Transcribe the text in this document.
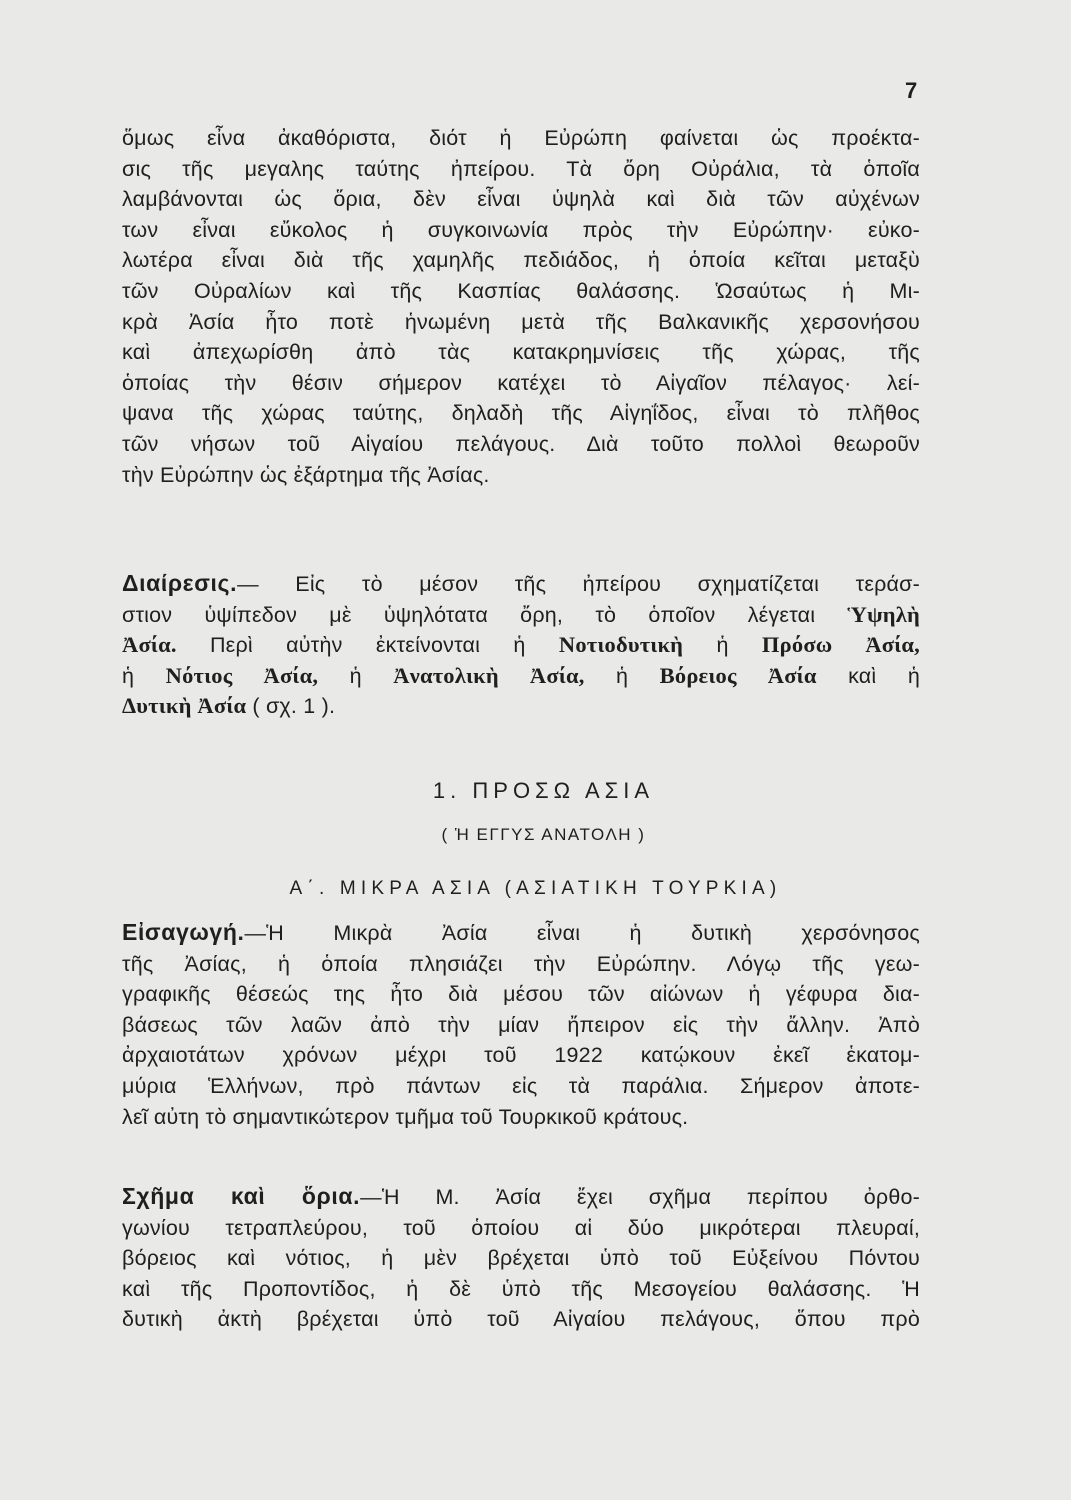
7
ὅμως εἶνα ἀκαθόριστα, διότ ἡ Εὐρώπη φαίνεται ὡς προέκτα-
σις τῆς μεγαλης ταύτης ἠπείρου. Τὰ ὄρη Οὐράλια, τὰ ὁποῖα
λαμβάνονται ὡς ὅρια, δὲν εἶναι ὑψηλὰ καὶ διὰ τῶν αὐχένων
των εἶναι εὔκολος ἡ συγκοινωνία πρὸς τὴν Εὐρώπην· εὐκο-
λωτέρα εἶναι διὰ τῆς χαμηλῆς πεδιάδος, ἡ ὁποία κεῖται μεταξὺ
τῶν Οὐραλίων καὶ τῆς Κασπίας θαλάσσης. Ὡσαύτως ἡ Μι-
κρὰ Ἀσία ἦτο ποτὲ ἡνωμένη μετὰ τῆς Βαλκανικῆς χερσονήσου
καὶ ἀπεχωρίσθη ἀπὸ τὰς κατακρημνίσεις τῆς χώρας, τῆς
ὁποίας τὴν θέσιν σήμερον κατέχει τὸ Αἰγαῖον πέλαγος· λεί-
ψανα τῆς χώρας ταύτης, δηλαδὴ τῆς Αἰγηΐδος, εἶναι τὸ πλῆθος
τῶν νήσων τοῦ Αἰγαίου πελάγους. Διὰ τοῦτο πολλοὶ θεωροῦν
τὴν Εὐρώπην ὡς ἐξάρτημα τῆς Ἀσίας.
Διαίρεσις.— Εἰς τὸ μέσον τῆς ἠπείρου σχηματίζεται τεράσ-
στιον ὑψίπεδον μὲ ὑψηλότατα ὄρη, τὸ ὁποῖον λέγεται Ὑψηλὴ
Ἀσία. Περὶ αὐτὴν ἐκτείνονται ἡ Νοτιοδυτικὴ ἡ Πρόσω Ἀσία,
ἡ Νότιος Ἀσία, ἡ Ἀνατολικὴ Ἀσία, ἡ Βόρειος Ἀσία καὶ ἡ
Δυτικὴ Ἀσία ( σχ. 1 ).
1. ΠΡΟΣΩ ΑΣΙΑ
( Ἡ ΕΓΓΥΣ ΑΝΑΤΟΛΗ )
Α΄. ΜΙΚΡΑ ΑΣΙΑ (ΑΣΙΑΤΙΚΗ ΤΟΥΡΚΙΑ)
Εἰσαγωγή.—Ἡ Μικρὰ Ἀσία εἶναι ἡ δυτικὴ χερσόνησος
τῆς Ἀσίας, ἡ ὁποία πλησιάζει τὴν Εὐρώπην. Λόγῳ τῆς γεω-
γραφικῆς θέσεώς της ἦτο διὰ μέσου τῶν αἰώνων ἡ γέφυρα δια-
βάσεως τῶν λαῶν ἀπὸ τὴν μίαν ἤπειρον εἰς τὴν ἄλλην. Ἀπὸ
ἀρχαιοτάτων χρόνων μέχρι τοῦ 1922 κατῴκουν ἐκεῖ ἑκατομ-
μύρια Ἑλλήνων, πρὸ πάντων εἰς τὰ παράλια. Σήμερον ἀποτε-
λεῖ αὐτη τὸ σημαντικώτερον τμῆμα τοῦ Τουρκικοῦ κράτους.
Σχῆμα καὶ ὅρια.—Ἡ Μ. Ἀσία ἔχει σχῆμα περίπου ὀρθο-
γωνίου τετραπλεύρου, τοῦ ὁποίου αἱ δύο μικρότεραι πλευραί,
βόρειος καὶ νότιος, ἡ μὲν βρέχεται ὑπὸ τοῦ Εὐξείνου Πόντου
καὶ τῆς Προποντίδος, ἡ δὲ ὑπὸ τῆς Μεσογείου θαλάσσης. Ἡ
δυτικὴ ἀκτὴ βρέχεται ὑπὸ τοῦ Αἰγαίου πελάγους, ὅπου πρὸ
